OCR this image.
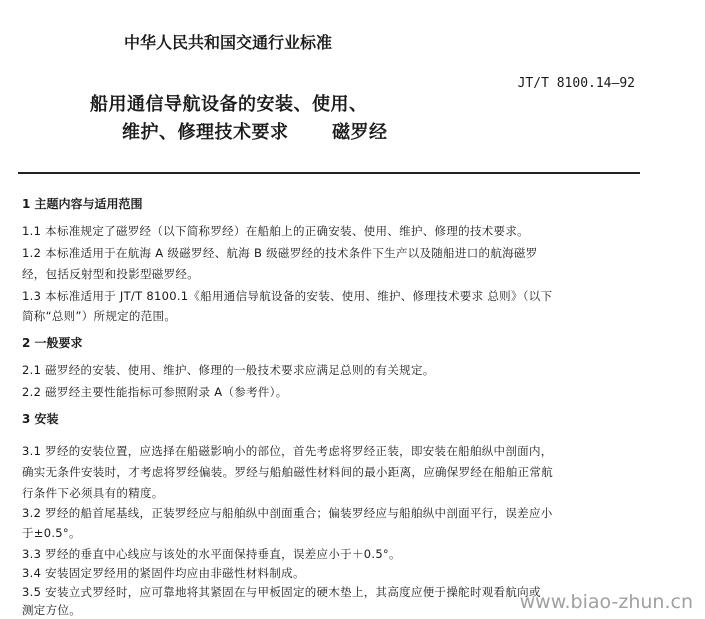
中华人民共和国交通行业标准
船用通信导航设备的安装、使用、
维护、修理技术要求 磁罗经
JT/T 8100.14—92
1 主题内容与适用范围
1.1 本标准规定了磁罗经（以下简称罗经）在船舶上的正确安装、使用、维护、修理的技术要求。
1.2 本标准适用于在航海 A 级磁罗经、航海 B 级磁罗经的技术条件下生产以及随船进口的航海磁罗
经，包括反射型和投影型磁罗经。
1.3 本标准适用于 JT/T 8100.1《船用通信导航设备的安装、使用、维护、修理技术要求 总则》（以下
简称“总则”）所规定的范围。
2 一般要求
2.1 磁罗经的安装、使用、维护、修理的一般技术要求应满足总则的有关规定。
2.2 磁罗经主要性能指标可参照附录 A（参考件）。
3 安装
3.1 罗经的安装位置，应选择在船磁影响小的部位，首先考虑将罗经正装，即安装在船舶纵中剖面内，
确实无条件安装时，才考虑将罗经偏装。罗经与船舶磁性材料间的最小距离，应确保罗经在船舶正常航
行条件下必须具有的精度。
3.2 罗经的船首尾基线，正装罗经应与船舶纵中剖面重合；偏装罗经应与船舶纵中剖面平行，误差应小
于±0.5°。
3.3 罗经的垂直中心线应与该处的水平面保持垂直，误差应小于＋0.5°。
3.4 安装固定罗经用的紧固件均应由非磁性材料制成。
3.5 安装立式罗经时，应可靠地将其紧固在与甲板固定的硬木垫上，其高度应便于操舵时观看航向或
测定方位。	www.biao-zhun.cn
